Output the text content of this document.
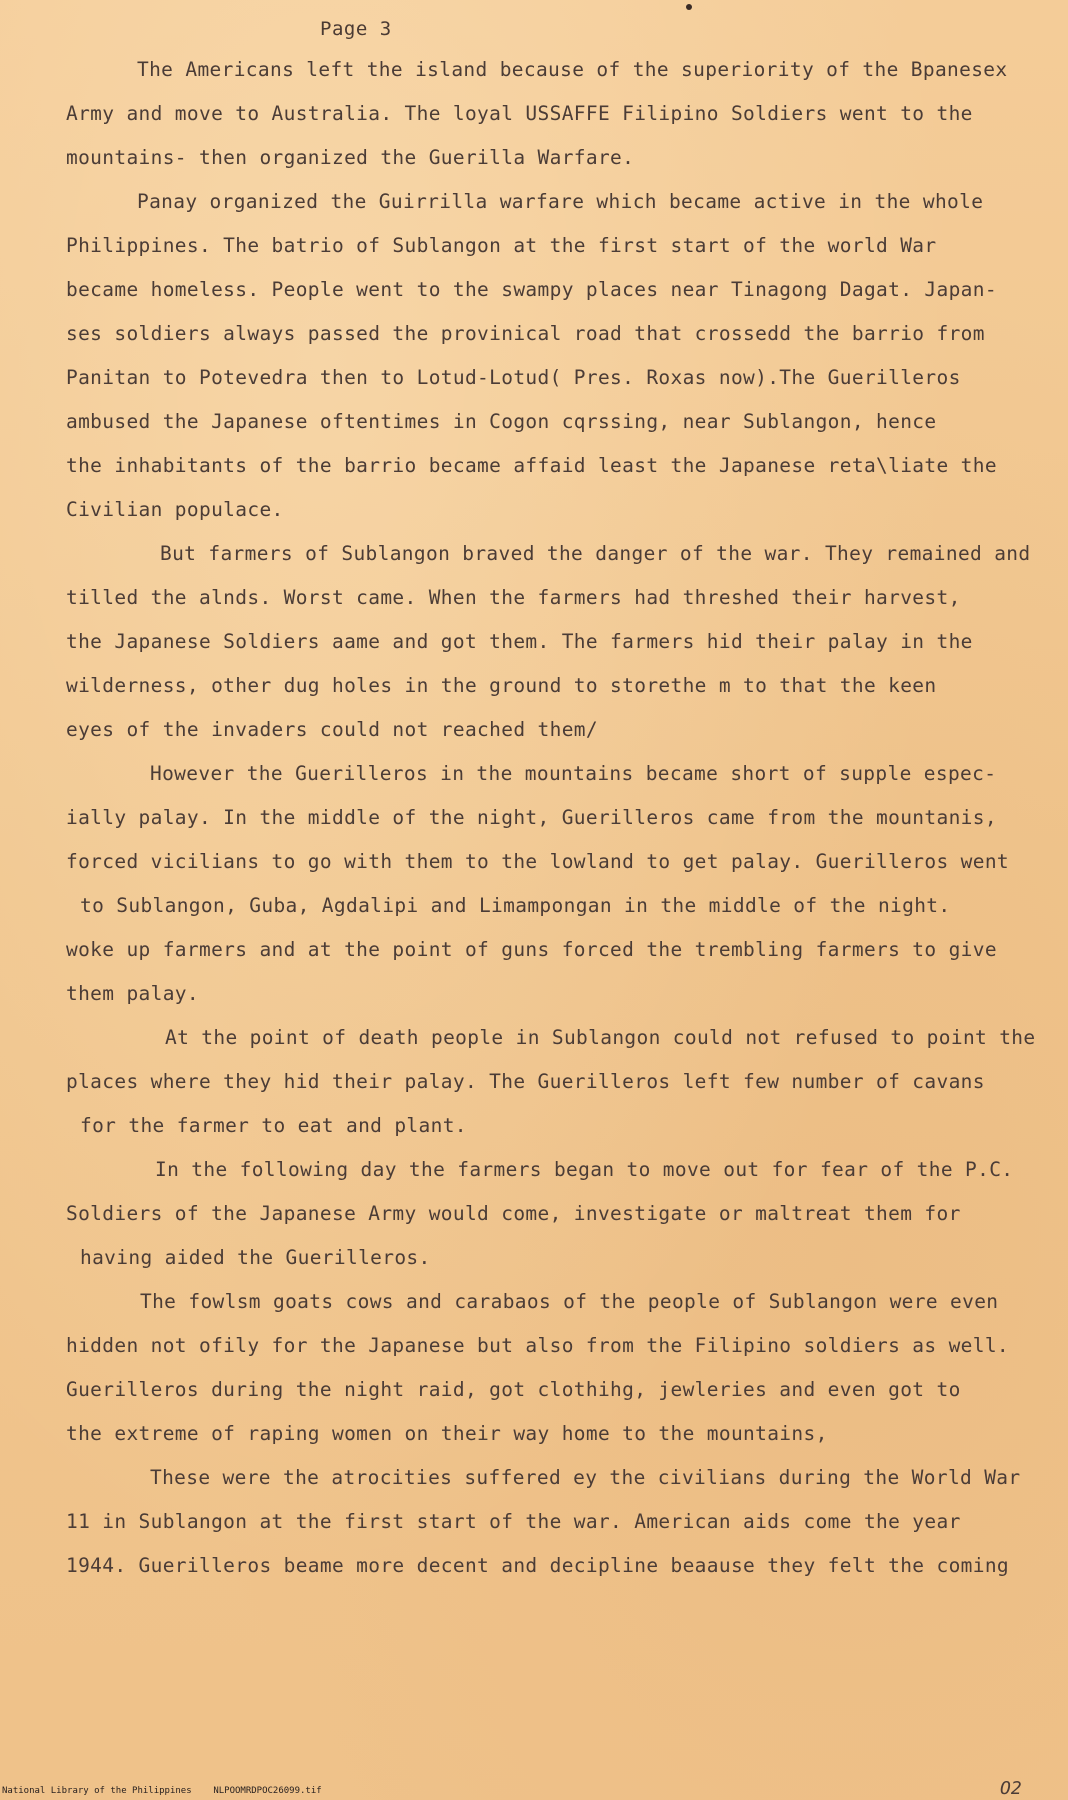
Page 3
The Americans left the island because of the superiority of the Bpanesex
Army and move to Australia. The loyal USSAFFE Filipino Soldiers went to the
mountains- then organized the Guerilla Warfare.
Panay organized the Guirrilla warfare which became active in the whole
Philippines. The batrio of Sublangon at the first start of the world War
became homeless. People went to the swampy places near Tinagong Dagat. Japan-
ses soldiers always passed the provinical road that crossedd the barrio from
Panitan to Potevedra then to Lotud-Lotud( Pres. Roxas now).The Guerilleros
ambused the Japanese oftentimes in Cogon cqrssing, near Sublangon, hence
the inhabitants of the barrio became affaid least the Japanese reta\liate the
Civilian populace.
But farmers of Sublangon braved the danger of the war. They remained and
tilled the alnds. Worst came. When the farmers had threshed their harvest,
the Japanese Soldiers aame and got them. The farmers hid their palay in the
wilderness, other dug holes in the ground to storethe m to that the keen
eyes of the invaders could not reached them/
However the Guerilleros in the mountains became short of supple espec-
ially palay. In the middle of the night, Guerilleros came from the mountanis,
forced vicilians to go with them to the lowland to get palay. Guerilleros went
to Sublangon, Guba, Agdalipi and Limampongan in the middle of the night.
woke up farmers and at the point of guns forced the trembling farmers to give
them palay.
At the point of death people in Sublangon could not refused to point the
places where they hid their palay. The Guerilleros left few number of cavans
for the farmer to eat and plant.
In the following day the farmers began to move out for fear of the P.C.
Soldiers of the Japanese Army would come, investigate or maltreat them for
having aided the Guerilleros.
The fowlsm goats cows and carabaos of the people of Sublangon were even
hidden not ofily for the Japanese but also from the Filipino soldiers as well.
Guerilleros during the night raid, got clothihg, jewleries and even got to
the extreme of raping women on their way home to the mountains,
These were the atrocities suffered ey the civilians during the World War
11 in Sublangon at the first start of the war. American aids come the year
1944. Guerilleros beame more decent and decipline beaause they felt the coming
National Library of the Philippines    NLPOOMRDPOC26099.tif	O2
